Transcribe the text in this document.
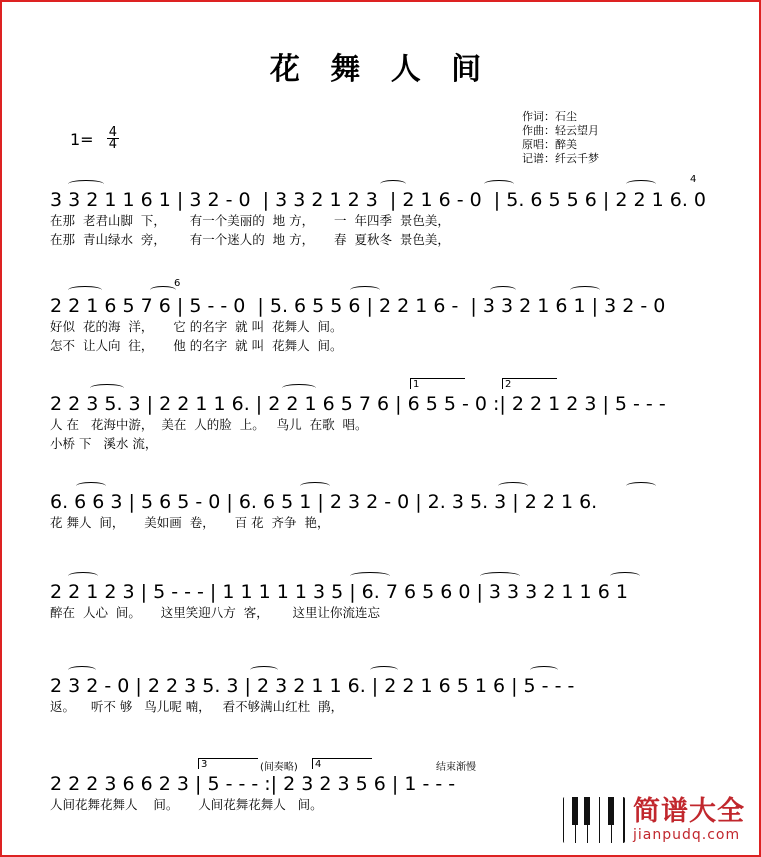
花 舞 人 间
作词：石尘
作曲：轻云望月
原唱：醉美
记谱：纤云千梦
$1= \frac{4}{4}$
4
3 3 2 1 1 6 1 | 3 2 - 0  | 3 3 2 1 2 3  | 2 1 6 - 0  | 5. 6 5 5 6 | 2 2 1 6. 0
在那  老君山脚  下，      有一个美丽的  地 方，     一  年四季  景色美，
在那  青山绿水  旁，      有一个迷人的  地 方，     春  夏秋冬  景色美，
6
2 2 1 6 5 7 6 | 5 - - 0  | 5. 6 5 5 6 | 2 2 1 6 -  | 3 3 2 1 6 1 | 3 2 - 0
好似  花的海  洋，     它 的名字  就 叫  花舞人  间。
怎不  让人向  往，     他 的名字  就 叫  花舞人  间。
1	2
2 2 3 5. 3 | 2 2 1 1 6. | 2 2 1 6 5 7 6 | 6 5 5 - 0 :| 2 2 1 2 3 | 5 - - -
人 在   花海中游，  美在  人的脸  上。   鸟儿  在歌  唱。
小桥 下   溪水 流，
6. 6 6 3 | 5 6 5 - 0 | 6. 6 5 1 | 2 3 2 - 0 | 2. 3 5. 3 | 2 2 1 6.
花 舞人  间，     美如画  卷，     百 花  齐争  艳，
2 2 1 2 3 | 5 - - - | 1 1 1 1 1 3 5 | 6. 7 6 5 6 0 | 3 3 3 2 1 1 6 1
醉在  人心  间。     这里笑迎八方  客，      这里让你流连忘
2 3 2 - 0 | 2 2 3 5. 3 | 2 3 2 1 1 6. | 2 2 1 6 5 1 6 | 5 - - -
返。    听不 够   鸟儿呢 喃，   看不够满山红杜  鹃，
3	4
(间奏略)	结束渐慢
2 2 2 3 6 6 2 3 | 5 - - - :| 2 3 2 3 5 6 | 1 - - -
人间花舞花舞人    间。     人间花舞花舞人   间。	简谱大全
jianpudq.com
